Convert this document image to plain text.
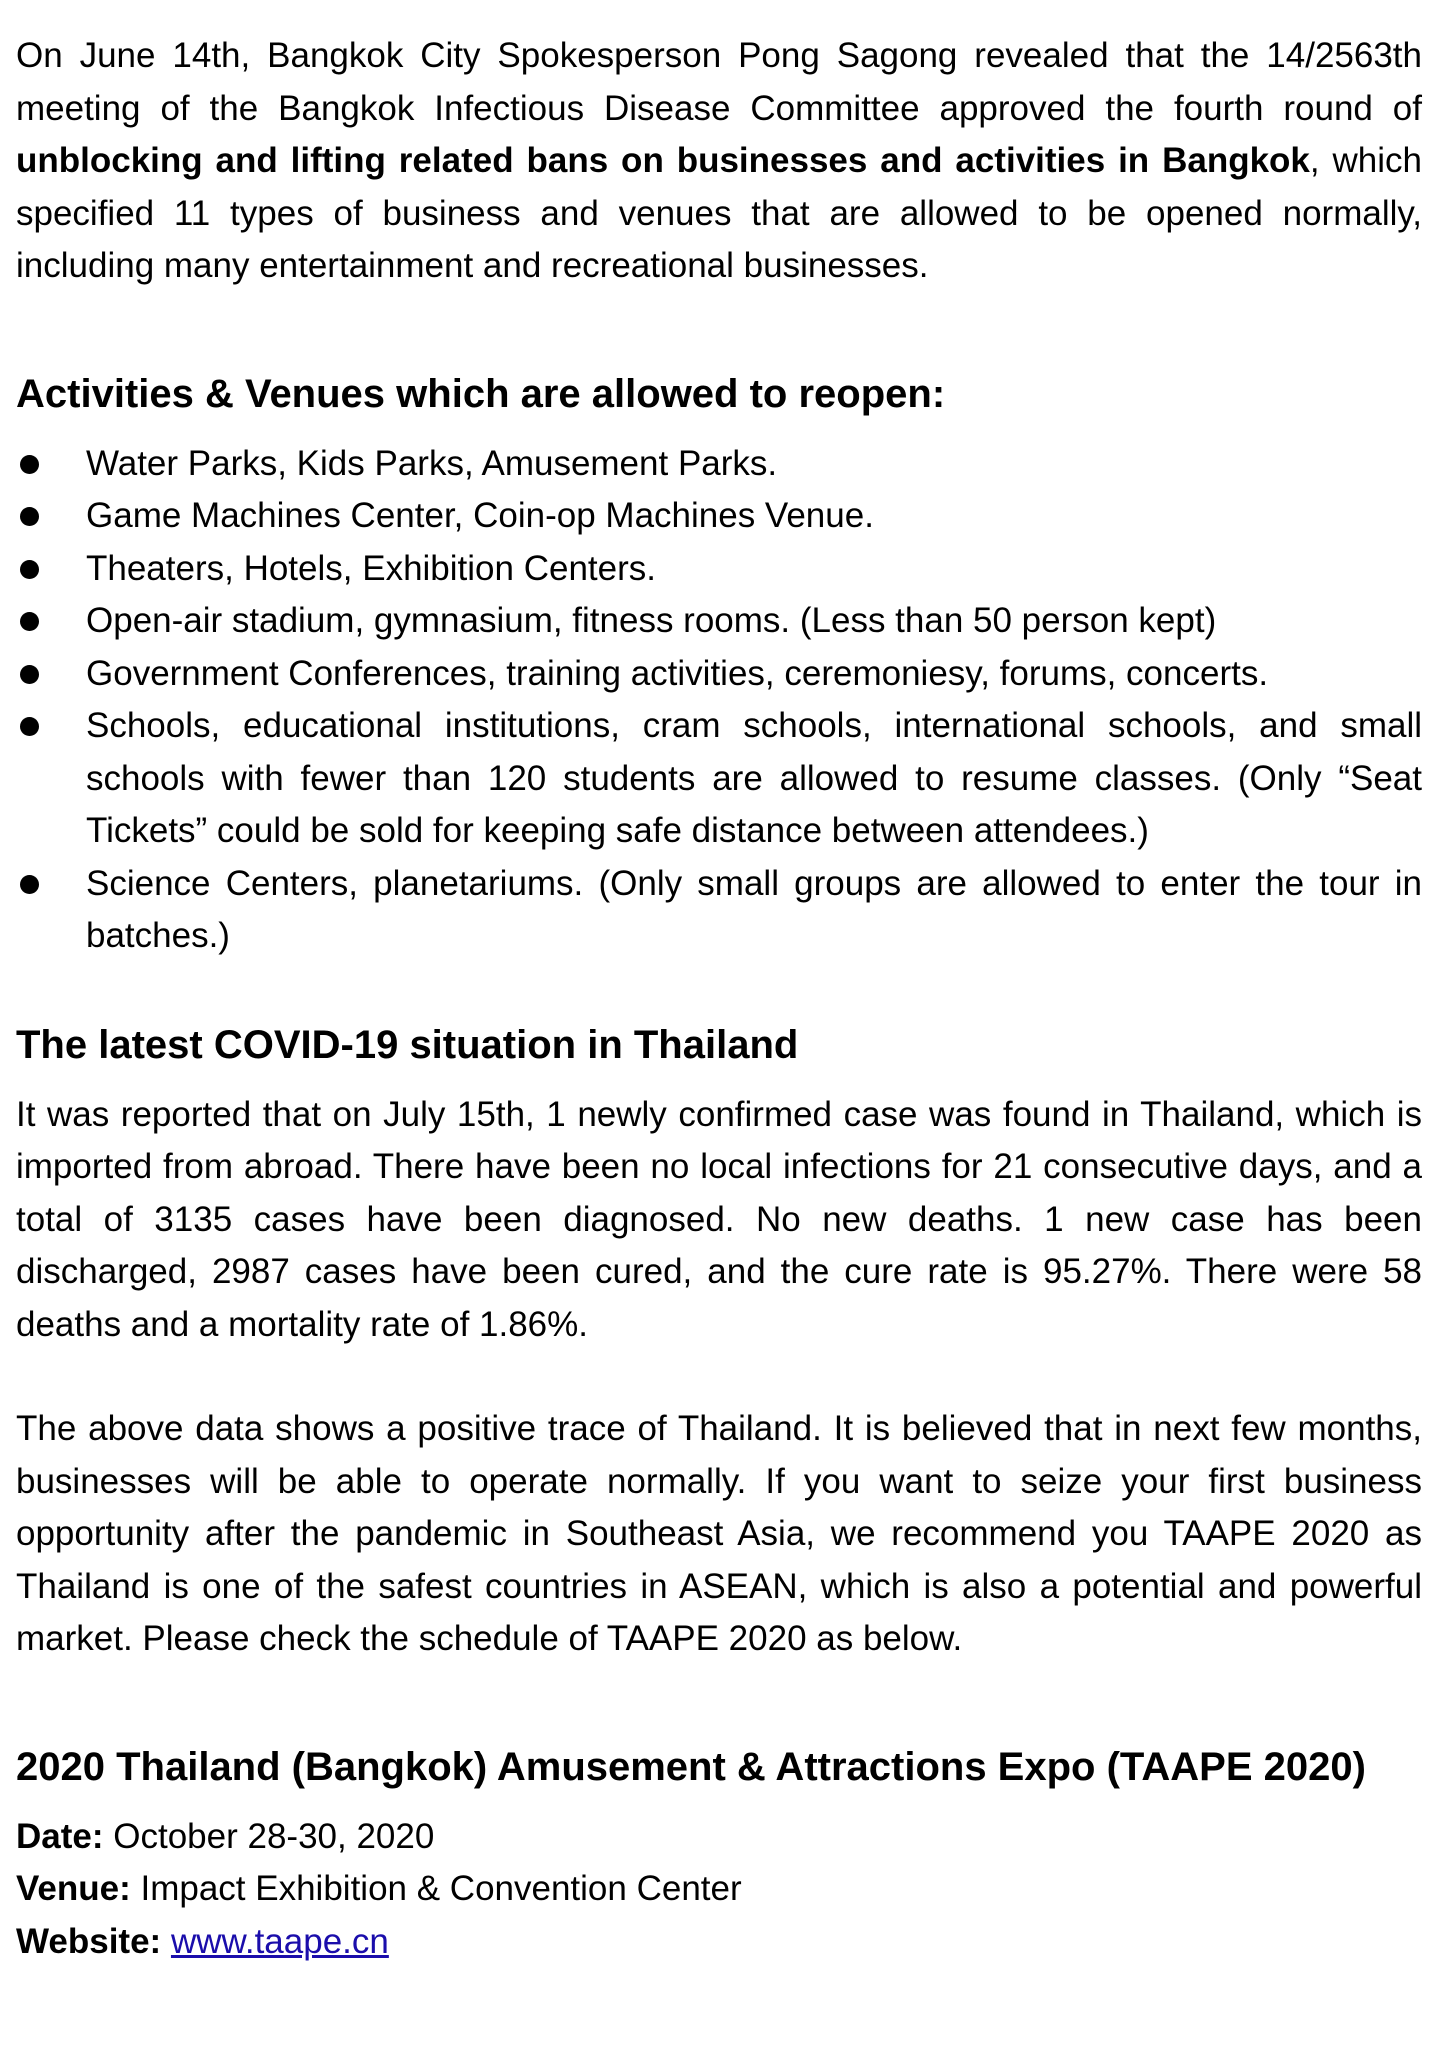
On June 14th, Bangkok City Spokesperson Pong Sagong revealed that the 14/2563th meeting of the Bangkok Infectious Disease Committee approved the fourth round of unblocking and lifting related bans on businesses and activities in Bangkok, which specified 11 types of business and venues that are allowed to be opened normally, including many entertainment and recreational businesses.

Activities & Venues which are allowed to reopen:
Water Parks, Kids Parks, Amusement Parks.
Game Machines Center, Coin-op Machines Venue.
Theaters, Hotels, Exhibition Centers.
Open-air stadium, gymnasium, fitness rooms. (Less than 50 person kept)
Government Conferences, training activities, ceremoniesy, forums, concerts.
Schools, educational institutions, cram schools, international schools, and small schools with fewer than 120 students are allowed to resume classes. (Only “Seat Tickets” could be sold for keeping safe distance between attendees.)
Science Centers, planetariums. (Only small groups are allowed to enter the tour in batches.)
The latest COVID-19 situation in Thailand

It was reported that on July 15th, 1 newly confirmed case was found in Thailand, which is imported from abroad. There have been no local infections for 21 consecutive days, and a total of 3135 cases have been diagnosed. No new deaths. 1 new case has been discharged, 2987 cases have been cured, and the cure rate is 95.27%. There were 58 deaths and a mortality rate of 1.86%.

The above data shows a positive trace of Thailand. It is believed that in next few months, businesses will be able to operate normally. If you want to seize your first business opportunity after the pandemic in Southeast Asia, we recommend you TAAPE 2020 as Thailand is one of the safest countries in ASEAN, which is also a potential and powerful market. Please check the schedule of TAAPE 2020 as below.

2020 Thailand (Bangkok) Amusement & Attractions Expo (TAAPE 2020)
Date: October 28-30, 2020
Venue: Impact Exhibition & Convention Center
Website: www.taape.cn
